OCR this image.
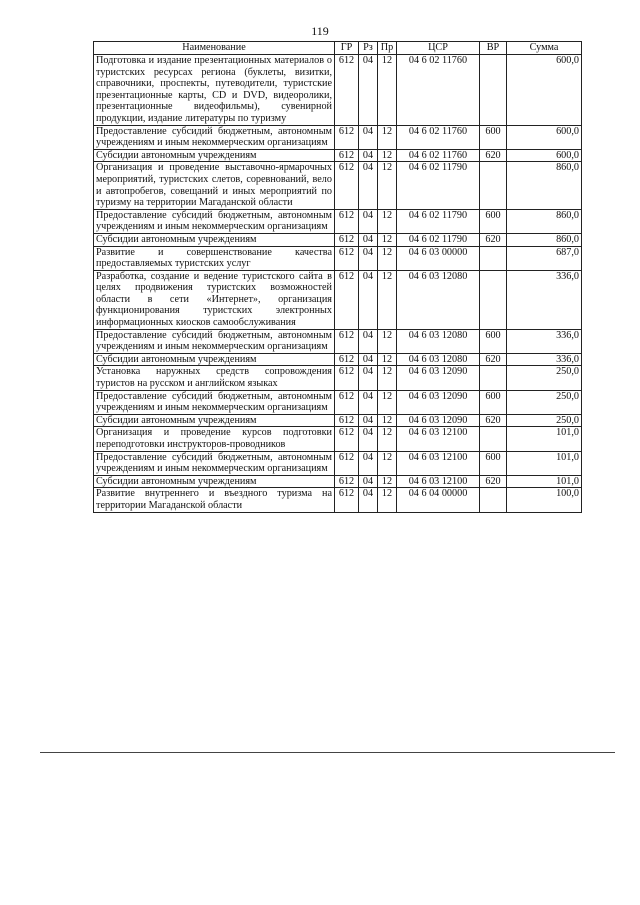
119
Наименование	ГР	Рз	Пр	ЦСР	ВР	Сумма
Подготовка и издание презентационных материалов о туристских ресурсах региона (буклеты, визитки, справочники, проспекты, путеводители, туристские презентационные карты, CD и DVD, видеоролики, презентационные видеофильмы), сувенирной продукции, издание литературы по туризму	612	04	12	04 6 02 11760		600,0
Предоставление субсидий бюджетным, автономным учреждениям и иным некоммерческим организациям	612	04	12	04 6 02 11760	600	600,0
Субсидии автономным учреждениям	612	04	12	04 6 02 11760	620	600,0
Организация и проведение выставочно-ярмарочных мероприятий, туристских слетов, соревнований, вело и автопробегов, совещаний и иных мероприятий по туризму на территории Магаданской области	612	04	12	04 6 02 11790		860,0
Предоставление субсидий бюджетным, автономным учреждениям и иным некоммерческим организациям	612	04	12	04 6 02 11790	600	860,0
Субсидии автономным учреждениям	612	04	12	04 6 02 11790	620	860,0
Развитие и совершенствование качества предоставляемых туристских услуг	612	04	12	04 6 03 00000		687,0
Разработка, создание и ведение туристского сайта в целях продвижения туристских возможностей области в сети «Интернет», организация функционирования туристских электронных информационных киосков самообслуживания	612	04	12	04 6 03 12080		336,0
Предоставление субсидий бюджетным, автономным учреждениям и иным некоммерческим организациям	612	04	12	04 6 03 12080	600	336,0
Субсидии автономным учреждениям	612	04	12	04 6 03 12080	620	336,0
Установка наружных средств сопровождения туристов на русском и английском языках	612	04	12	04 6 03 12090		250,0
Предоставление субсидий бюджетным, автономным учреждениям и иным некоммерческим организациям	612	04	12	04 6 03 12090	600	250,0
Субсидии автономным учреждениям	612	04	12	04 6 03 12090	620	250,0
Организация и проведение курсов подготовки переподготовки инструкторов-проводников	612	04	12	04 6 03 12100		101,0
Предоставление субсидий бюджетным, автономным учреждениям и иным некоммерческим организациям	612	04	12	04 6 03 12100	600	101,0
Субсидии автономным учреждениям	612	04	12	04 6 03 12100	620	101,0
Развитие внутреннего и въездного туризма на территории Магаданской области	612	04	12	04 6 04 00000		100,0
